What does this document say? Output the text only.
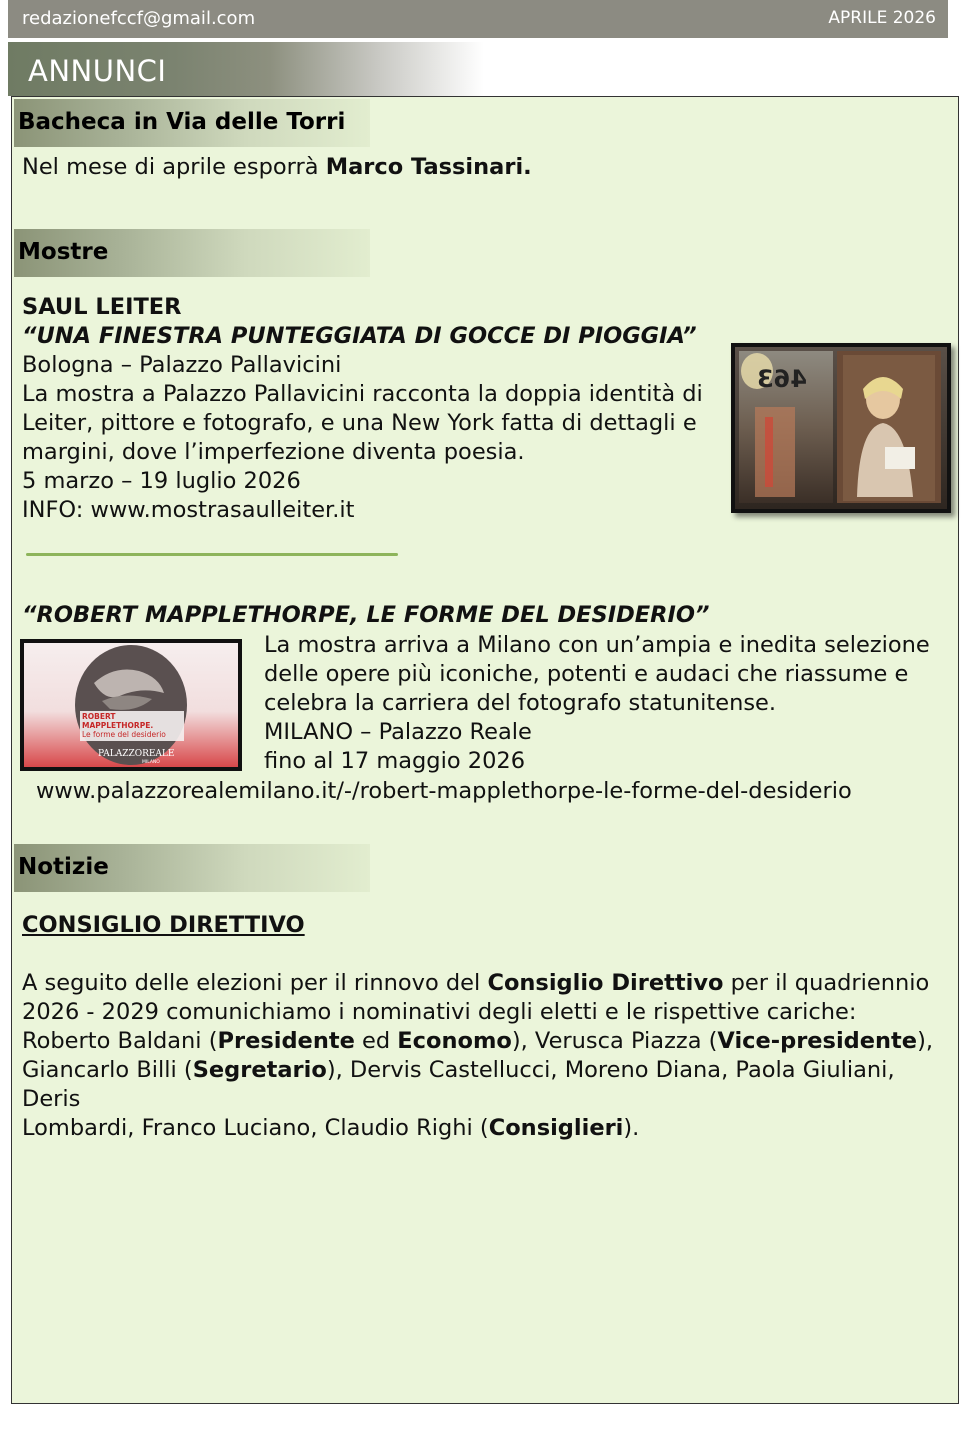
redazionefccf@gmail.com	APRILE 2026
ANNUNCI
Bacheca in Via delle Torri
Nel mese di aprile esporrà Marco Tassinari.
Mostre
SAUL LEITER
“UNA FINESTRA PUNTEGGIATA DI GOCCE DI PIOGGIA”
Bologna – Palazzo Pallavicini
La mostra a Palazzo Pallavicini racconta la doppia identità di
Leiter, pittore e fotografo, e una New York fatta di dettagli e
margini, dove l’imperfezione diventa poesia.
5 marzo – 19 luglio 2026
INFO: www.mostrasaulleiter.it
463
“ROBERT MAPPLETHORPE, LE FORME DEL DESIDERIO”
ROBERT
MAPPLETHORPE.
Le forme del desiderio
PALAZZOREALE
MILANO
La mostra arriva a Milano con un’ampia e inedita selezione
delle opere più iconiche, potenti e audaci che riassume e
celebra la carriera del fotografo statunitense.
MILANO – Palazzo Reale
fino al 17 maggio 2026
www.palazzorealemilano.it/-/robert-mapplethorpe-le-forme-del-desiderio
Notizie
CONSIGLIO DIRETTIVO
A seguito delle elezioni per il rinnovo del Consiglio Direttivo per il quadriennio
2026 - 2029 comunichiamo i nominativi degli eletti e le rispettive cariche:
Roberto Baldani (Presidente ed Economo), Verusca Piazza (Vice-presidente),
Giancarlo Billi (Segretario), Dervis Castellucci, Moreno Diana, Paola Giuliani, Deris
Lombardi, Franco Luciano, Claudio Righi (Consiglieri).
